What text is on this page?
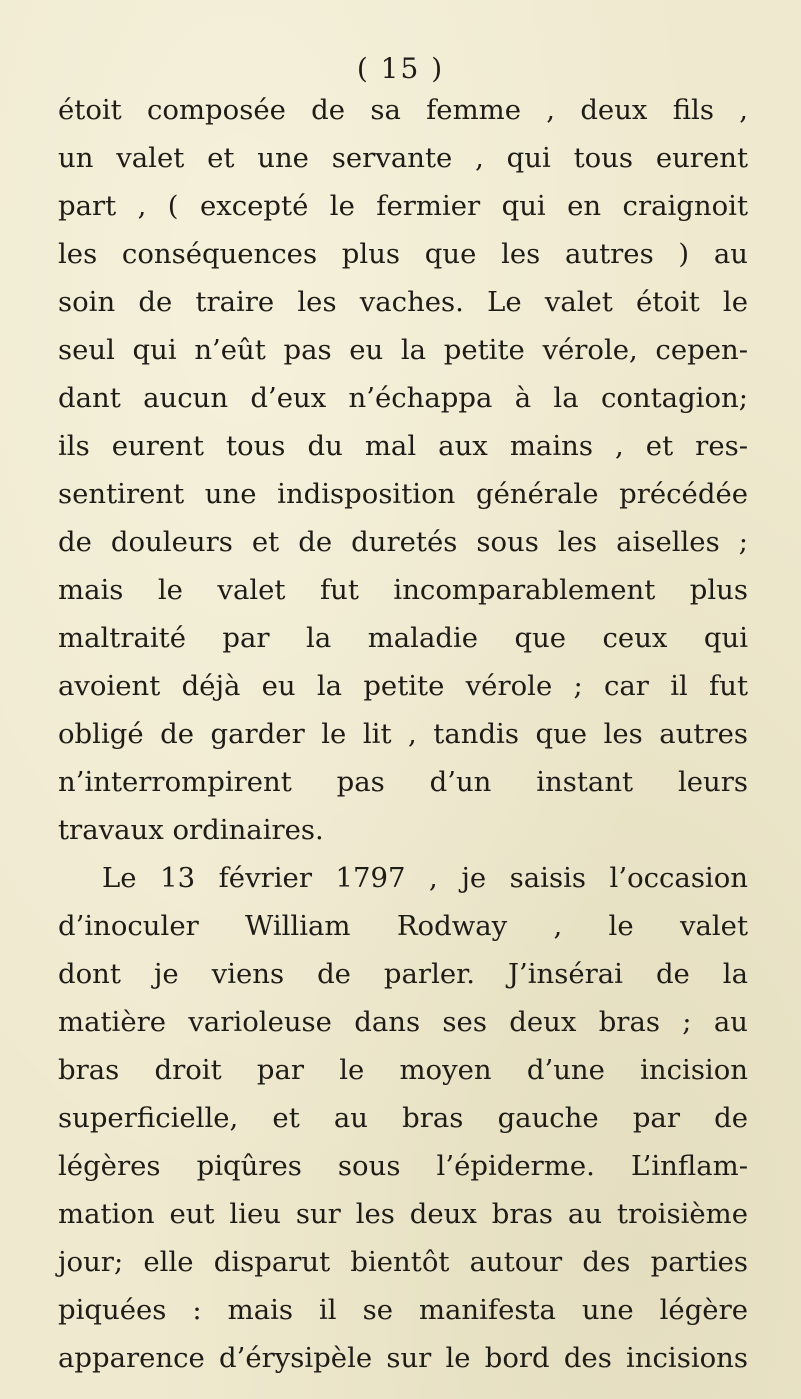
( 15 )

étoit composée de sa femme , deux fils ,
un valet et une servante , qui tous eurent
part , ( excepté le fermier qui en craignoit
les conséquences plus que les autres ) au
soin de traire les vaches. Le valet étoit le
seul qui n’eût pas eu la petite vérole, cepen-
dant aucun d’eux n’échappa à la contagion;
ils eurent tous du mal aux mains , et res-
sentirent une indisposition générale précédée
de douleurs et de duretés sous les aiselles ;
mais le valet fut incomparablement plus
maltraité par la maladie que ceux qui
avoient déjà eu la petite vérole ; car il fut
obligé de garder le lit , tandis que les autres
n’interrompirent pas d’un instant leurs
travaux ordinaires.
Le 13 février 1797 , je saisis l’occasion
d’inoculer William Rodway , le valet
dont je viens de parler. J’insérai de la
matière varioleuse dans ses deux bras ; au
bras droit par le moyen d’une incision
superficielle, et au bras gauche par de
légères piqûres sous l’épiderme. L’inflam-
mation eut lieu sur les deux bras au troisième
jour; elle disparut bientôt autour des parties
piquées : mais il se manifesta une légère
apparence d’érysipèle sur le bord des incisions
